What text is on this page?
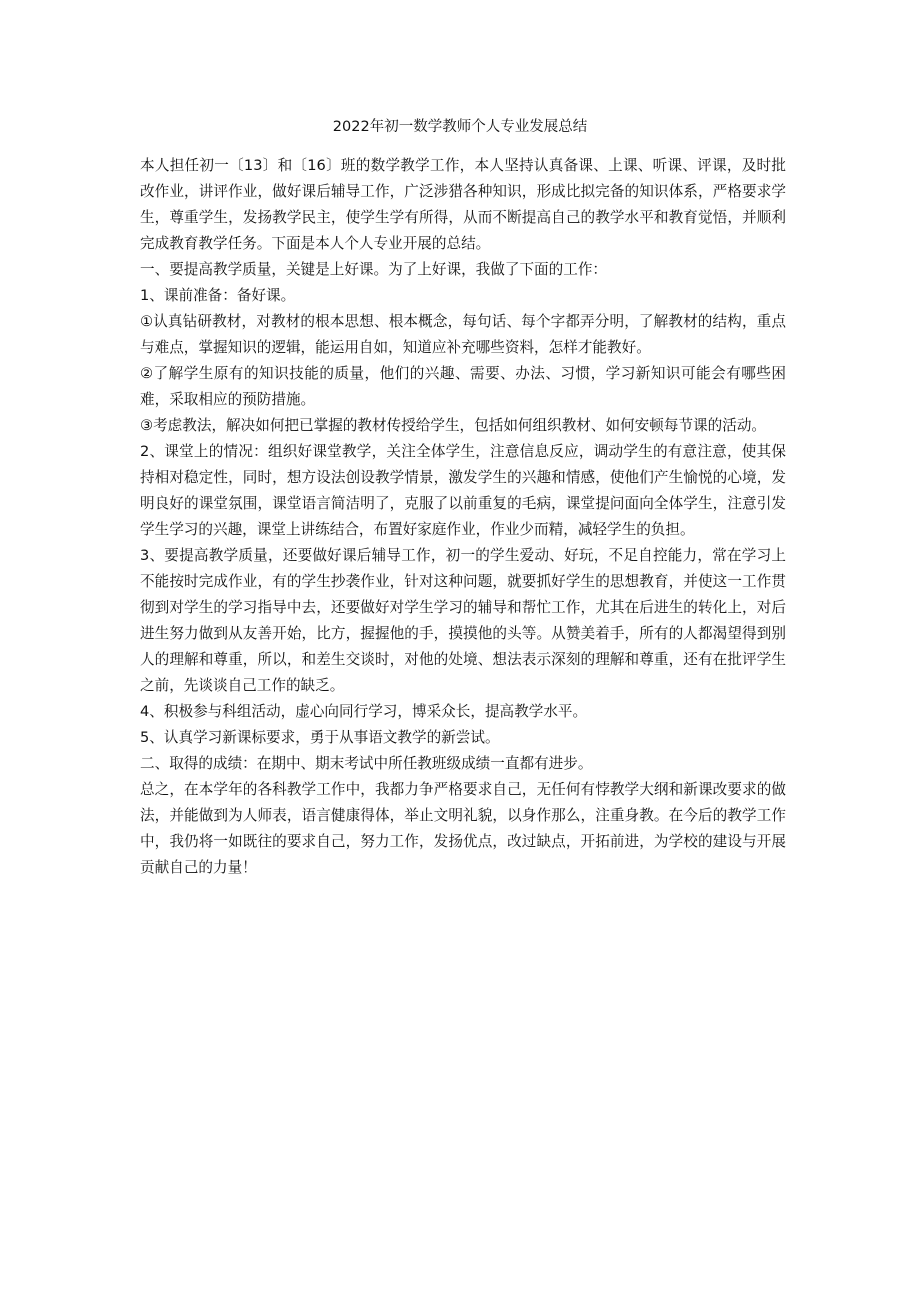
2022年初一数学教师个人专业发展总结

本人担任初一〔13〕和〔16〕班的数学教学工作，本人坚持认真备课、上课、听课、评课，及时批改作业，讲评作业，做好课后辅导工作，广泛涉猎各种知识，形成比拟完备的知识体系，严格要求学生，尊重学生，发扬教学民主，使学生学有所得，从而不断提高自己的教学水平和教育觉悟，并顺利完成教育教学任务。下面是本人个人专业开展的总结。

一、要提高教学质量，关键是上好课。为了上好课，我做了下面的工作：

1、课前准备：备好课。

①认真钻研教材，对教材的根本思想、根本概念，每句话、每个字都弄分明，了解教材的结构，重点与难点，掌握知识的逻辑，能运用自如，知道应补充哪些资料，怎样才能教好。

②了解学生原有的知识技能的质量，他们的兴趣、需要、办法、习惯，学习新知识可能会有哪些困难，采取相应的预防措施。

③考虑教法，解决如何把已掌握的教材传授给学生，包括如何组织教材、如何安顿每节课的活动。

2、课堂上的情况：组织好课堂教学，关注全体学生，注意信息反应，调动学生的有意注意，使其保持相对稳定性，同时，想方设法创设教学情景，激发学生的兴趣和情感，使他们产生愉悦的心境，发明良好的课堂氛围，课堂语言简洁明了，克服了以前重复的毛病，课堂提问面向全体学生，注意引发学生学习的兴趣，课堂上讲练结合，布置好家庭作业，作业少而精，减轻学生的负担。

3、要提高教学质量，还要做好课后辅导工作，初一的学生爱动、好玩，不足自控能力，常在学习上不能按时完成作业，有的学生抄袭作业，针对这种问题，就要抓好学生的思想教育，并使这一工作贯彻到对学生的学习指导中去，还要做好对学生学习的辅导和帮忙工作，尤其在后进生的转化上，对后进生努力做到从友善开始，比方，握握他的手，摸摸他的头等。从赞美着手，所有的人都渴望得到别人的理解和尊重，所以，和差生交谈时，对他的处境、想法表示深刻的理解和尊重，还有在批评学生之前，先谈谈自己工作的缺乏。

4、积极参与科组活动，虚心向同行学习，博采众长，提高教学水平。

5、认真学习新课标要求，勇于从事语文教学的新尝试。

二、取得的成绩：在期中、期末考试中所任教班级成绩一直都有进步。

总之，在本学年的各科教学工作中，我都力争严格要求自己，无任何有悖教学大纲和新课改要求的做法，并能做到为人师表，语言健康得体，举止文明礼貌，以身作那么，注重身教。在今后的教学工作中，我仍将一如既往的要求自己，努力工作，发扬优点，改过缺点，开拓前进，为学校的建设与开展贡献自己的力量！
